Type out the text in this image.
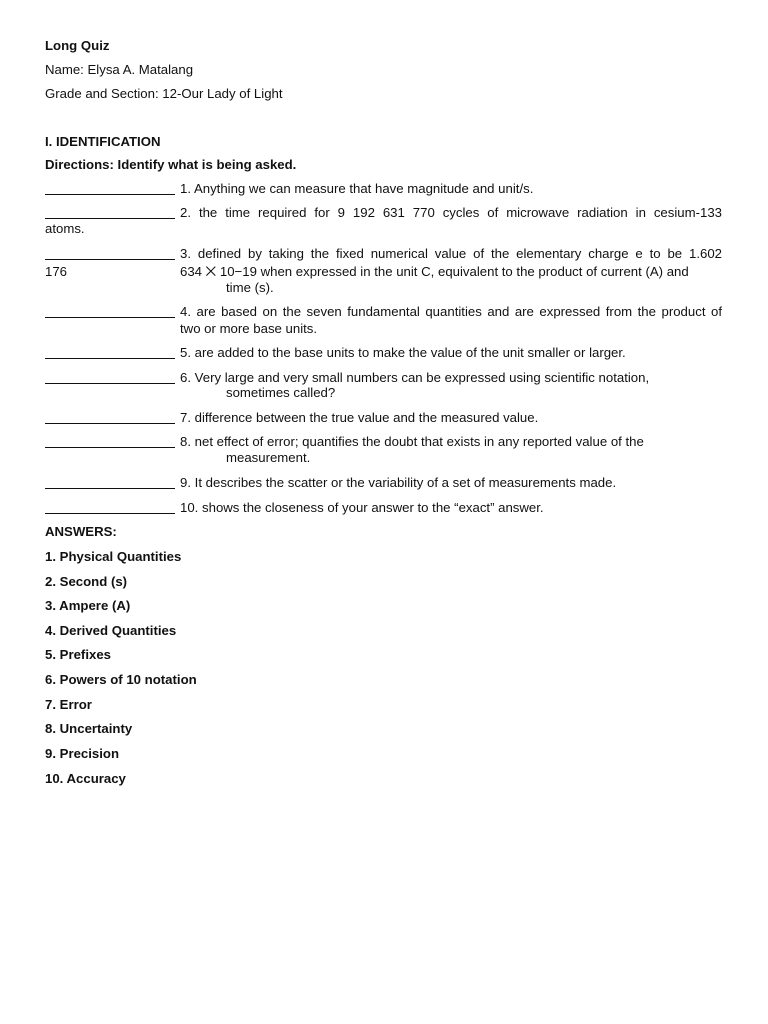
Long Quiz
Name: Elysa A. Matalang
Grade and Section: 12-Our Lady of Light
I. IDENTIFICATION
Directions: Identify what is being asked.
1. Anything we can measure that have magnitude and unit/s.
2. the time required for 9 192 631 770 cycles of microwave radiation in cesium-133
atoms.
3. defined by taking the fixed numerical value of the elementary charge e to be 1.602
176	634 ⨉ 10−19 when expressed in the unit C, equivalent to the product of current (A) and
time (s).
4. are based on the seven fundamental quantities and are expressed from the product of
two or more base units.
5. are added to the base units to make the value of the unit smaller or larger.
6. Very large and very small numbers can be expressed using scientific notation,
sometimes called?
7. difference between the true value and the measured value.
8. net effect of error; quantifies the doubt that exists in any reported value of the
measurement.
9. It describes the scatter or the variability of a set of measurements made.
10. shows the closeness of your answer to the “exact” answer.
ANSWERS:
1. Physical Quantities
2. Second (s)
3. Ampere (A)
4. Derived Quantities
5. Prefixes
6. Powers of 10 notation
7. Error
8. Uncertainty
9. Precision
10. Accuracy
